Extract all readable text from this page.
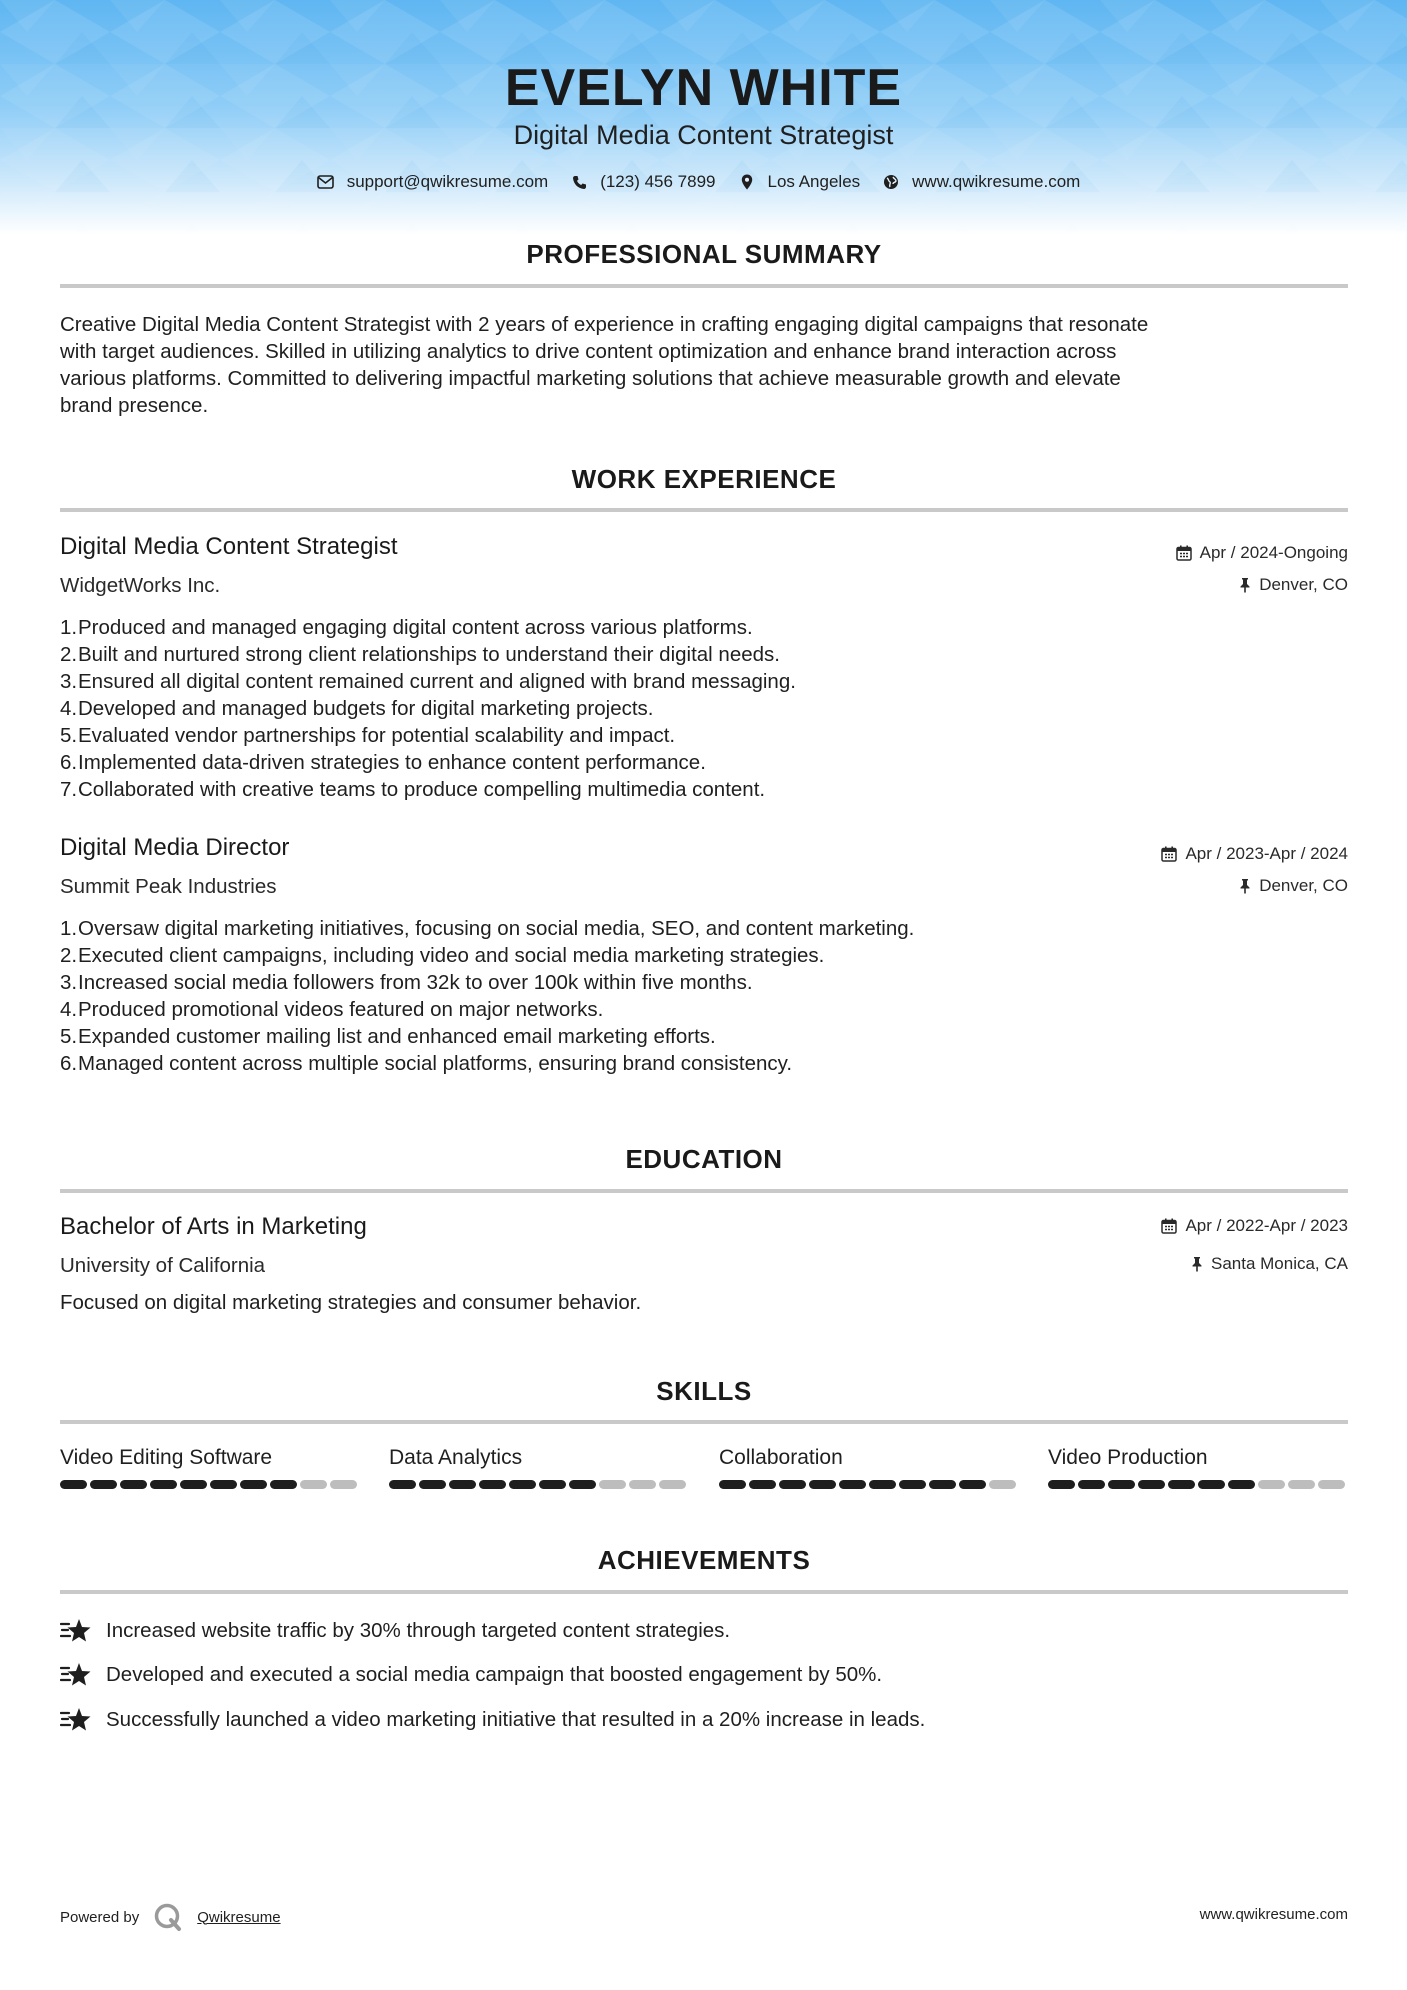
EVELYN WHITE
Digital Media Content Strategist
support@qwikresume.com	(123) 456 7899	Los Angeles	www.qwikresume.com
PROFESSIONAL SUMMARY
Creative Digital Media Content Strategist with 2 years of experience in crafting engaging digital campaigns that resonate
with target audiences. Skilled in utilizing analytics to drive content optimization and enhance brand interaction across
various platforms. Committed to delivering impactful marketing solutions that achieve measurable growth and elevate
brand presence.
WORK EXPERIENCE
Digital Media Content Strategist
WidgetWorks Inc.
Apr / 2024-Ongoing
Denver, CO
1. Produced and managed engaging digital content across various platforms.
2. Built and nurtured strong client relationships to understand their digital needs.
3. Ensured all digital content remained current and aligned with brand messaging.
4. Developed and managed budgets for digital marketing projects.
5. Evaluated vendor partnerships for potential scalability and impact.
6. Implemented data-driven strategies to enhance content performance.
7. Collaborated with creative teams to produce compelling multimedia content.
Digital Media Director
Summit Peak Industries
Apr / 2023-Apr / 2024
Denver, CO
1. Oversaw digital marketing initiatives, focusing on social media, SEO, and content marketing.
2. Executed client campaigns, including video and social media marketing strategies.
3. Increased social media followers from 32k to over 100k within five months.
4. Produced promotional videos featured on major networks.
5. Expanded customer mailing list and enhanced email marketing efforts.
6. Managed content across multiple social platforms, ensuring brand consistency.
EDUCATION
Bachelor of Arts in Marketing
University of California
Apr / 2022-Apr / 2023
Santa Monica, CA
Focused on digital marketing strategies and consumer behavior.
SKILLS
Video Editing Software	Data Analytics	Collaboration	Video Production
ACHIEVEMENTS
Increased website traffic by 30% through targeted content strategies.
Developed and executed a social media campaign that boosted engagement by 50%.
Successfully launched a video marketing initiative that resulted in a 20% increase in leads.
Powered by	Qwikresume	www.qwikresume.com
